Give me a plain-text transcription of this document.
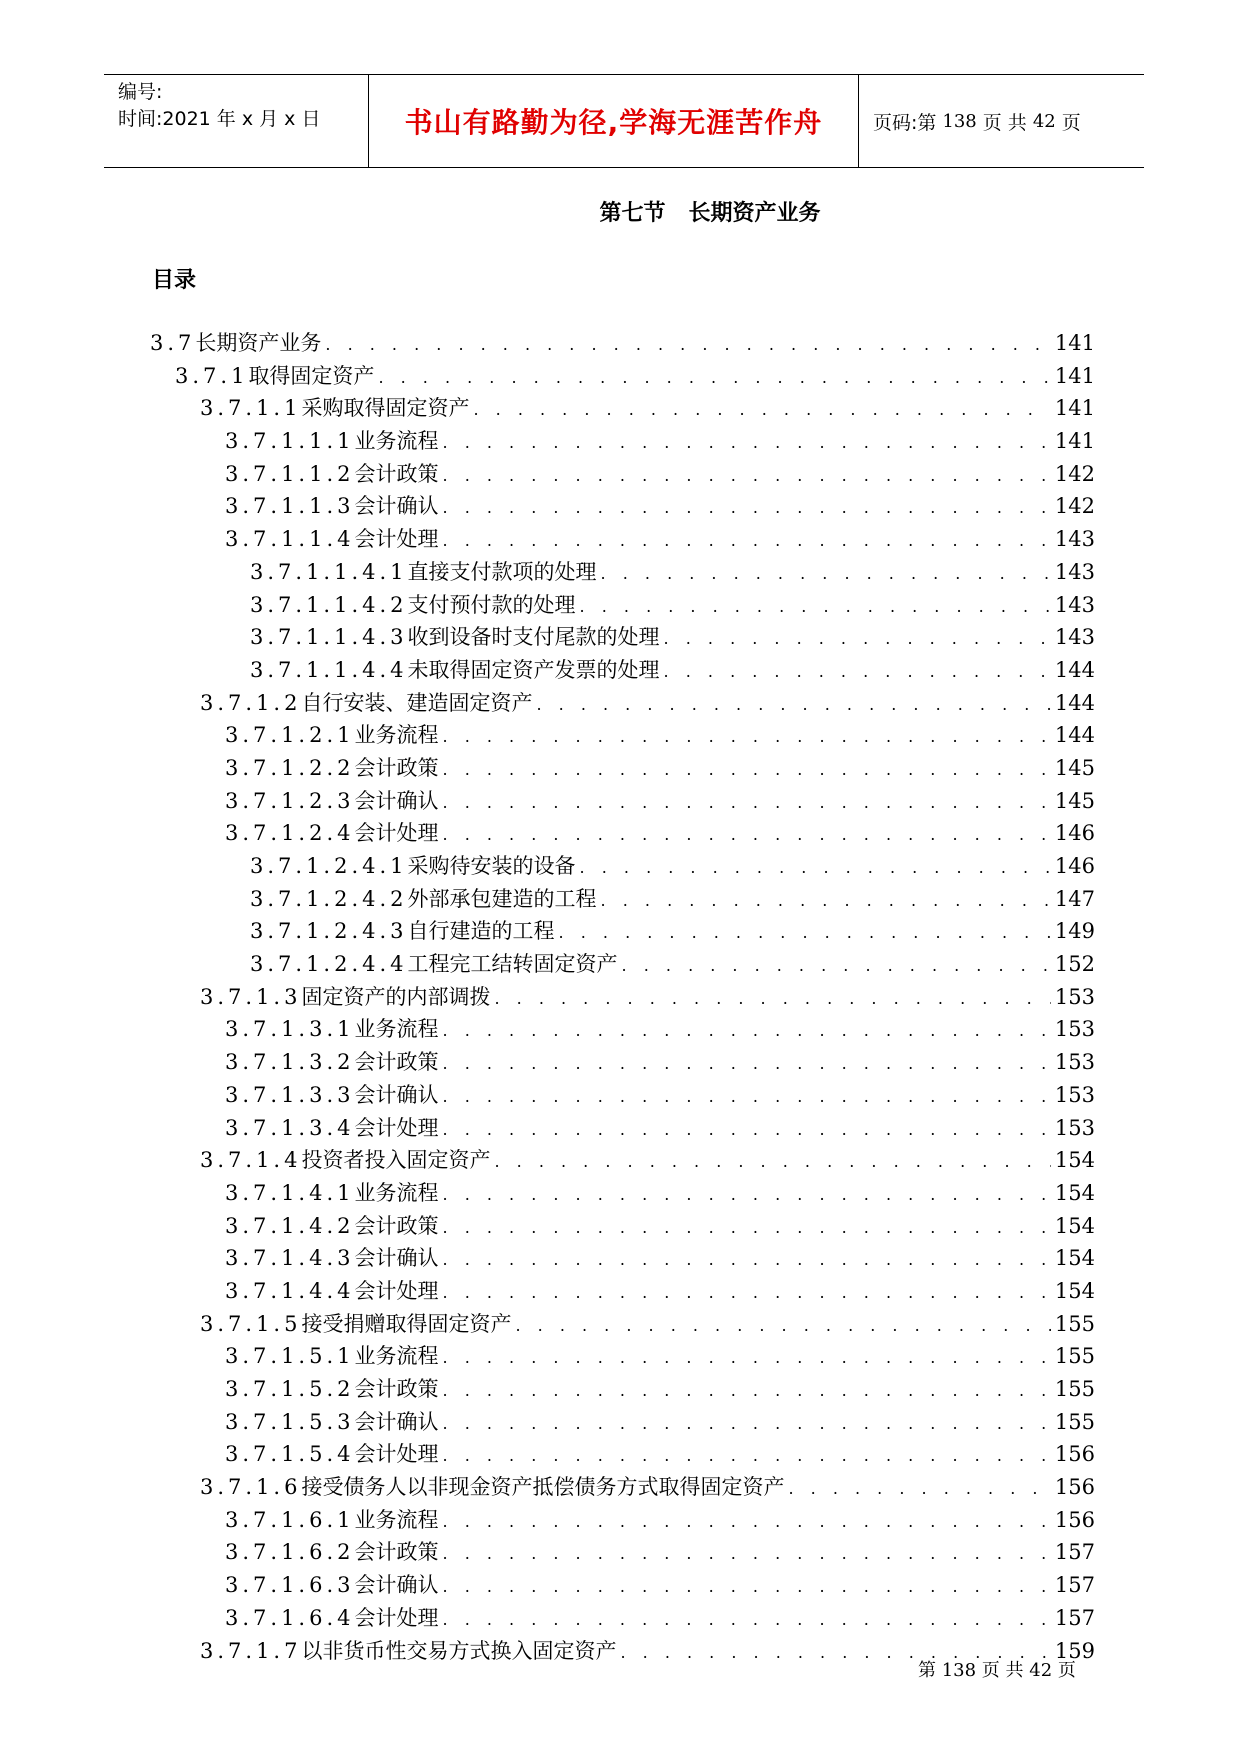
编号:
时间:2021 年 x 月 x 日	书山有路勤为径,学海无涯苦作舟	页码:第 138 页 共 42 页
第七节   长期资产业务
目录
3.7 长期资产业务 . . .	141
3.7.1 取得固定资产 . . .	141
3.7.1.1 采购取得固定资产 . . .	141
3.7.1.1.1 业务流程 . . .	141
3.7.1.1.2 会计政策 . . .	142
3.7.1.1.3 会计确认 . . .	142
3.7.1.1.4 会计处理 . . .	143
3.7.1.1.4.1 直接支付款项的处理 . . .	143
3.7.1.1.4.2 支付预付款的处理 . . .	143
3.7.1.1.4.3 收到设备时支付尾款的处理 . . .	143
3.7.1.1.4.4 未取得固定资产发票的处理 . . .	144
3.7.1.2 自行安装、建造固定资产 . . .	144
3.7.1.2.1 业务流程 . . .	144
3.7.1.2.2 会计政策 . . .	145
3.7.1.2.3 会计确认 . . .	145
3.7.1.2.4 会计处理 . . .	146
3.7.1.2.4.1 采购待安装的设备 . . .	146
3.7.1.2.4.2 外部承包建造的工程 . . .	147
3.7.1.2.4.3 自行建造的工程 . . .	149
3.7.1.2.4.4 工程完工结转固定资产 . . .	152
3.7.1.3 固定资产的内部调拨 . . .	153
3.7.1.3.1 业务流程 . . .	153
3.7.1.3.2 会计政策 . . .	153
3.7.1.3.3 会计确认 . . .	153
3.7.1.3.4 会计处理 . . .	153
3.7.1.4 投资者投入固定资产 . . .	154
3.7.1.4.1 业务流程 . . .	154
3.7.1.4.2 会计政策 . . .	154
3.7.1.4.3 会计确认 . . .	154
3.7.1.4.4 会计处理 . . .	154
3.7.1.5 接受捐赠取得固定资产 . . .	155
3.7.1.5.1 业务流程 . . .	155
3.7.1.5.2 会计政策 . . .	155
3.7.1.5.3 会计确认 . . .	155
3.7.1.5.4 会计处理 . . .	156
3.7.1.6 接受债务人以非现金资产抵偿债务方式取得固定资产 . . .	156
3.7.1.6.1 业务流程 . . .	156
3.7.1.6.2 会计政策 . . .	157
3.7.1.6.3 会计确认 . . .	157
3.7.1.6.4 会计处理 . . .	157
3.7.1.7 以非货币性交易方式换入固定资产 . . .	159
第 138 页 共 42 页
